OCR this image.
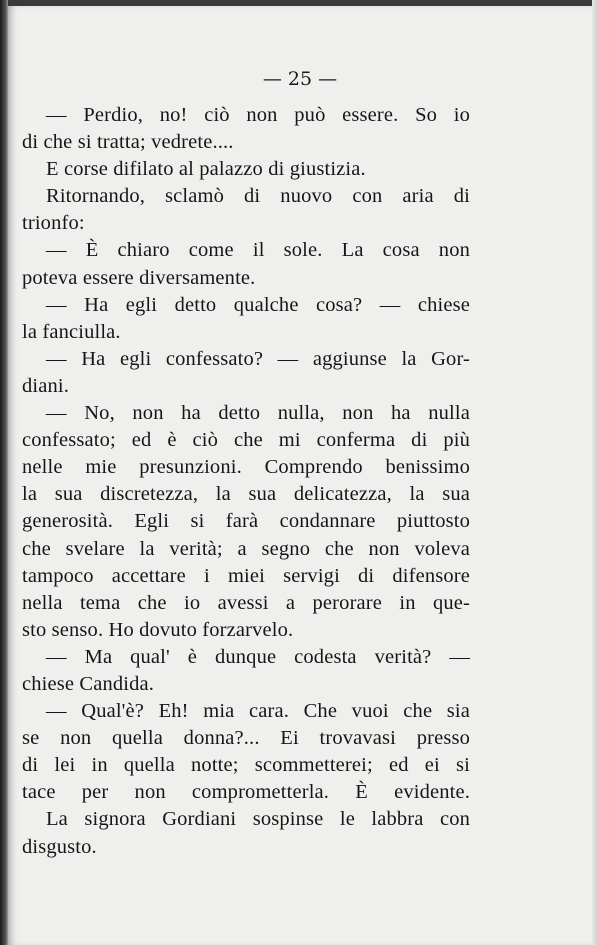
— 25 —
— Perdio, no! ciò non può essere. So io
di che si tratta; vedrete....
E corse difilato al palazzo di giustizia.
Ritornando, sclamò di nuovo con aria di
trionfo:
— È chiaro come il sole. La cosa non
poteva essere diversamente.
— Ha egli detto qualche cosa? — chiese
la fanciulla.
— Ha egli confessato? — aggiunse la Gor-
diani.
— No, non ha detto nulla, non ha nulla
confessato; ed è ciò che mi conferma di più
nelle mie presunzioni. Comprendo benissimo
la sua discretezza, la sua delicatezza, la sua
generosità. Egli si farà condannare piuttosto
che svelare la verità; a segno che non voleva
tampoco accettare i miei servigi di difensore
nella tema che io avessi a perorare in que-
sto senso. Ho dovuto forzarvelo.
— Ma qual' è dunque codesta verità? —
chiese Candida.
— Qual'è? Eh! mia cara. Che vuoi che sia
se non quella donna?... Ei trovavasi presso
di lei in quella notte; scommetterei; ed ei si
tace per non comprometterla. È evidente.
La signora Gordiani sospinse le labbra con
disgusto.
